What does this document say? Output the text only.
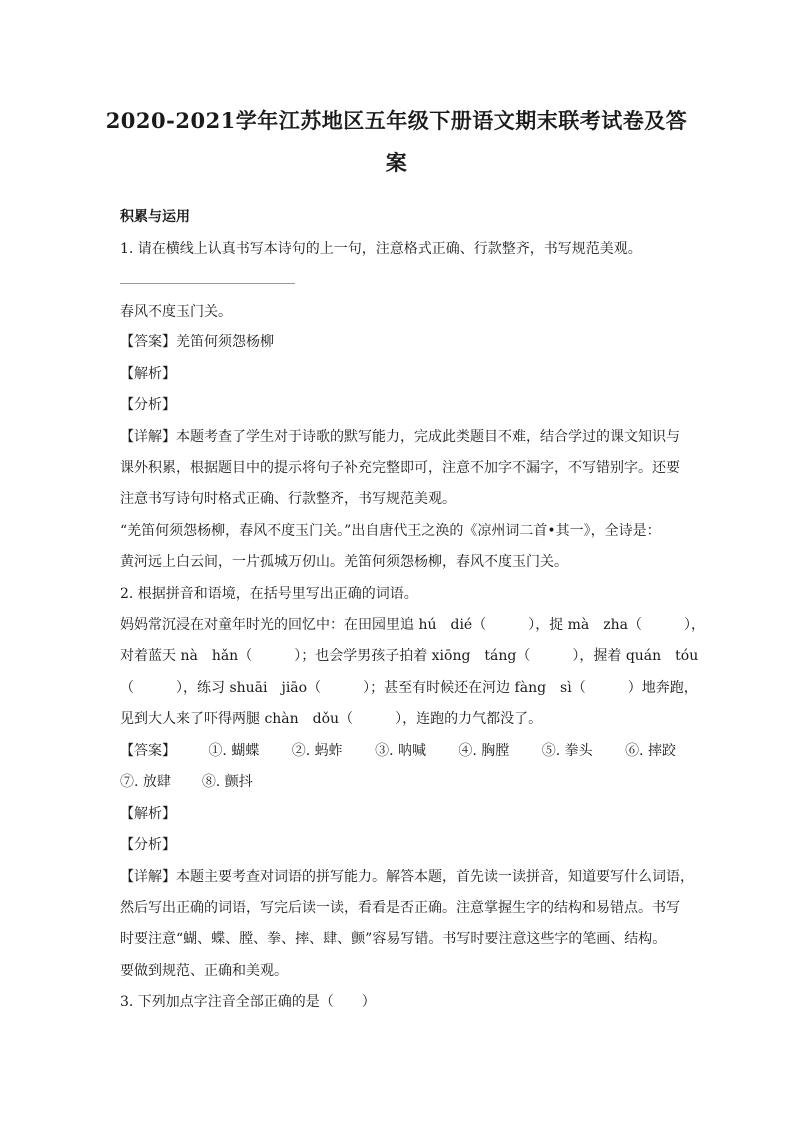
2020-2021学年江苏地区五年级下册语文期末联考试卷及答
案
积累与运用
1. 请在横线上认真书写本诗句的上一句，注意格式正确、行款整齐，书写规范美观。
春风不度玉门关。
【答案】羌笛何须怨杨柳
【解析】
【分析】
【详解】本题考查了学生对于诗歌的默写能力，完成此类题目不难，结合学过的课文知识与
课外积累，根据题目中的提示将句子补充完整即可，注意不加字不漏字，不写错别字。还要
注意书写诗句时格式正确、行款整齐，书写规范美观。
“羌笛何须怨杨柳，春风不度玉门关。”出自唐代王之涣的《凉州词二首•其一》，全诗是：
黄河远上白云间，一片孤城万仞山。羌笛何须怨杨柳，春风不度玉门关。
2. 根据拼音和语境，在括号里写出正确的词语。
妈妈常沉浸在对童年时光的回忆中：在田园里追 hú　dié（　　　），捉 mà　zha（　　　），
对着蓝天 nà　hǎn（　　　）；也会学男孩子拍着 xiōng　táng（　　　），握着 quán　tóu
（　　　），练习 shuāi　jiāo（　　　）；甚至有时候还在河边 fàng　sì（　　　）地奔跑，
见到大人来了吓得两腿 chàn　dǒu（　　　），连跑的力气都没了。
【答案】 ①. 蝴蝶 ②. 蚂蚱 ③. 呐喊 ④. 胸膛 ⑤. 拳头 ⑥. 摔跤
⑦. 放肆 ⑧. 颤抖
【解析】
【分析】
【详解】本题主要考查对词语的拼写能力。解答本题，首先读一读拼音，知道要写什么词语，
然后写出正确的词语，写完后读一读，看看是否正确。注意掌握生字的结构和易错点。书写
时要注意“蝴、蝶、膛、拳、摔、肆、颤”容易写错。书写时要注意这些字的笔画、结构。
要做到规范、正确和美观。
3. 下列加点字注音全部正确的是（　　）
